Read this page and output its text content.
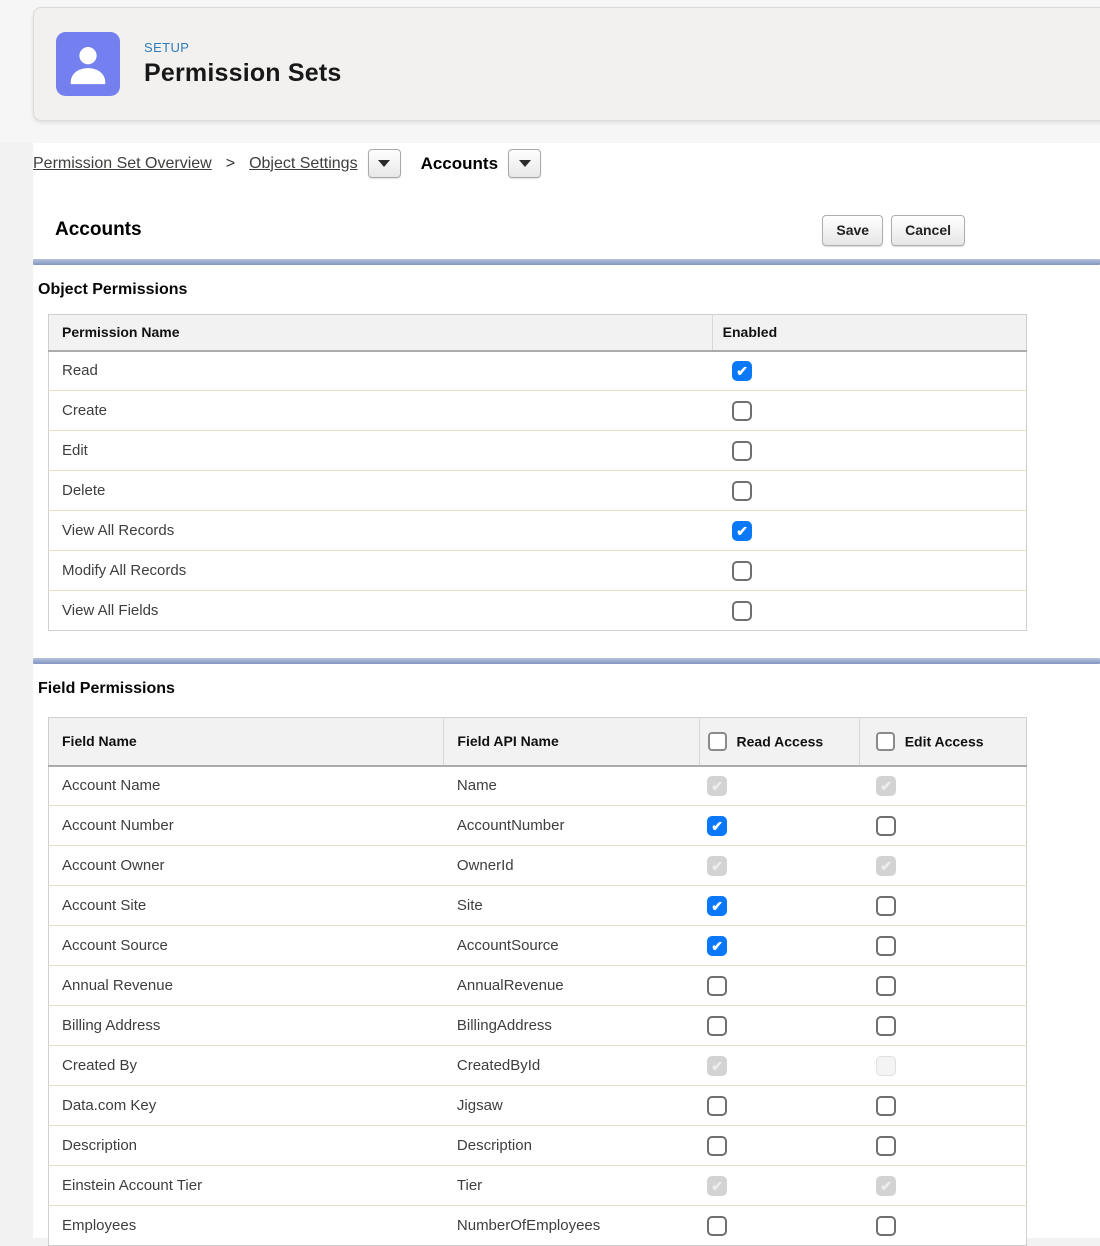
SETUP
Permission Sets
Permission Set Overview > Object Settings	Accounts
Accounts	Save	Cancel
Object Permissions
Permission Name	Enabled
Read	✔
Create	
Edit	
Delete	
View All Records	✔
Modify All Records	
View All Fields	
Field Permissions
Field Name	Field API Name	Read Access	Edit Access
Account Name	Name	✔	✔
Account Number	AccountNumber	✔	
Account Owner	OwnerId	✔	✔
Account Site	Site	✔	
Account Source	AccountSource	✔	
Annual Revenue	AnnualRevenue		
Billing Address	BillingAddress		
Created By	CreatedById	✔	
Data.com Key	Jigsaw		
Description	Description		
Einstein Account Tier	Tier	✔	✔
Employees	NumberOfEmployees		
